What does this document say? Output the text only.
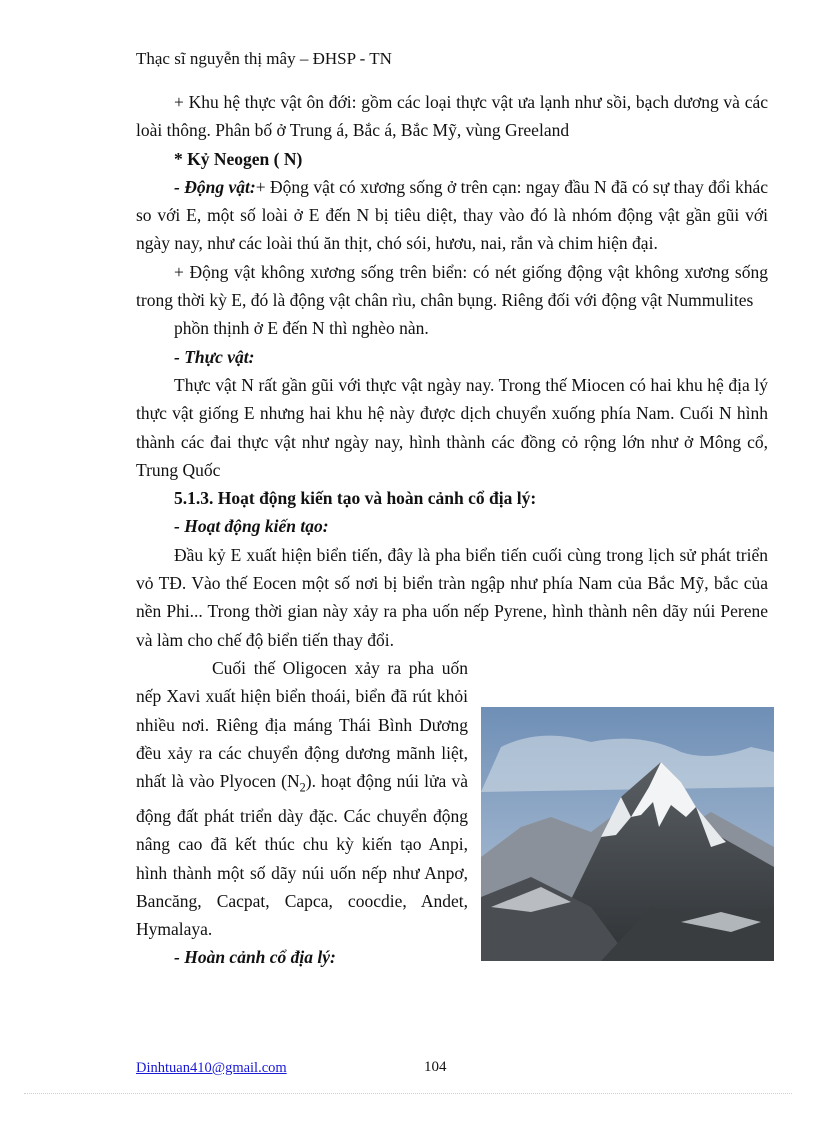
Thạc sĩ nguyễn thị mây – ĐHSP - TN

+ Khu hệ thực vật ôn đới: gồm các loại thực vật ưa lạnh như sồi, bạch dương và các loài thông. Phân bố ở Trung á, Bắc á, Bắc Mỹ, vùng Greeland

* Kỷ Neogen ( N)

- Động vật:+ Động vật có xương sống ở trên cạn: ngay đầu N đã có sự thay đổi khác so với E, một số loài ở E đến N bị tiêu diệt, thay vào đó là nhóm động vật gần gũi với ngày nay, như các loài thú ăn thịt, chó sói, hươu, nai, rắn và chim hiện đại.

+ Động vật không xương sống trên biển: có nét giống động vật không xương sống trong thời kỳ E, đó là động vật chân rìu, chân bụng. Riêng đối với động vật Nummulites

phồn thịnh ở E đến N thì nghèo nàn.

- Thực vật:

Thực vật N rất gần gũi với thực vật ngày nay. Trong thế Miocen có hai khu hệ địa lý thực vật giống E nhưng hai khu hệ này được dịch chuyển xuống phía Nam. Cuối N hình thành các đai thực vật như ngày nay, hình thành các đồng cỏ rộng lớn như ở Mông cổ, Trung Quốc

5.1.3. Hoạt động kiến tạo và hoàn cảnh cổ địa lý:

- Hoạt động kiến tạo:

Đầu kỷ E xuất hiện biển tiến, đây là pha biển tiến cuối cùng trong lịch sử phát triển vỏ TĐ. Vào thế Eocen một số nơi bị biển tràn ngập như phía Nam của Bắc Mỹ, bắc của nền Phi... Trong thời gian này xảy ra pha uốn nếp Pyrene, hình thành nên dãy núi Perene và làm cho chế độ biển tiến thay đổi.

Cuối thế Oligocen xảy ra pha uốn nếp Xavi xuất hiện biển thoái, biển đã rút khỏi nhiều nơi. Riêng địa máng Thái Bình Dương đều xảy ra các chuyển động dương mãnh liệt, nhất là vào Plyocen $(N_2)$. hoạt động núi lửa và động đất phát triển dày đặc. Các chuyển động nâng cao đã kết thúc chu kỳ kiến tạo Anpi, hình thành một số dãy núi uốn nếp như Anpơ, Bancăng, Cacpat, Capca, coocdie, Andet, Hymalaya.

- Hoàn cảnh cổ địa lý:

Dinhtuan410@gmail.com	104
